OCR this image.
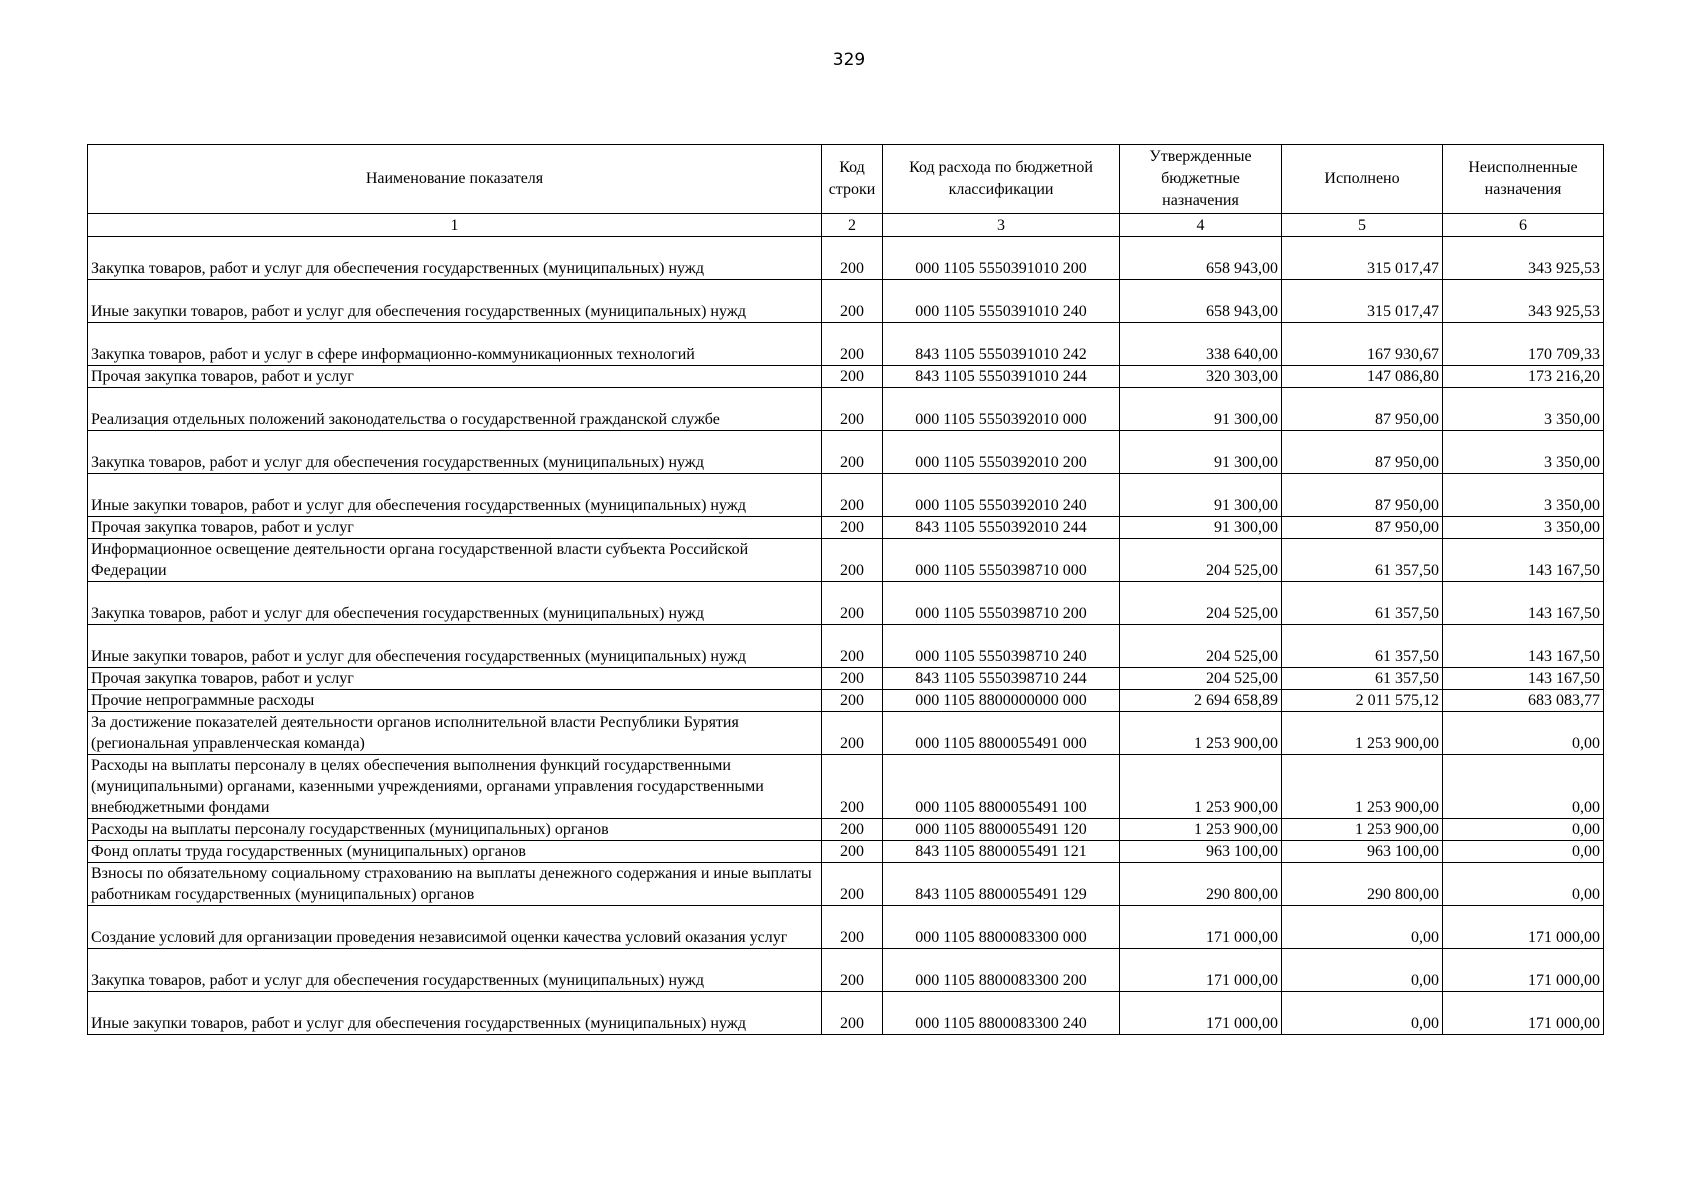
329
Наименование показателя	Код строки	Код расхода по бюджетной классификации	Утвержденные бюджетные назначения	Исполнено	Неисполненные назначения
1	2	3	4	5	6
Закупка товаров, работ и услуг для обеспечения государственных (муниципальных) нужд	200	000 1105 5550391010 200	658 943,00	315 017,47	343 925,53
Иные закупки товаров, работ и услуг для обеспечения государственных (муниципальных) нужд	200	000 1105 5550391010 240	658 943,00	315 017,47	343 925,53
Закупка товаров, работ и услуг в сфере информационно-коммуникационных технологий	200	843 1105 5550391010 242	338 640,00	167 930,67	170 709,33
Прочая закупка товаров, работ и услуг	200	843 1105 5550391010 244	320 303,00	147 086,80	173 216,20
Реализация отдельных положений законодательства о государственной гражданской службе	200	000 1105 5550392010 000	91 300,00	87 950,00	3 350,00
Закупка товаров, работ и услуг для обеспечения государственных (муниципальных) нужд	200	000 1105 5550392010 200	91 300,00	87 950,00	3 350,00
Иные закупки товаров, работ и услуг для обеспечения государственных (муниципальных) нужд	200	000 1105 5550392010 240	91 300,00	87 950,00	3 350,00
Прочая закупка товаров, работ и услуг	200	843 1105 5550392010 244	91 300,00	87 950,00	3 350,00
Информационное освещение деятельности органа государственной власти субъекта Российской Федерации	200	000 1105 5550398710 000	204 525,00	61 357,50	143 167,50
Закупка товаров, работ и услуг для обеспечения государственных (муниципальных) нужд	200	000 1105 5550398710 200	204 525,00	61 357,50	143 167,50
Иные закупки товаров, работ и услуг для обеспечения государственных (муниципальных) нужд	200	000 1105 5550398710 240	204 525,00	61 357,50	143 167,50
Прочая закупка товаров, работ и услуг	200	843 1105 5550398710 244	204 525,00	61 357,50	143 167,50
Прочие непрограммные расходы	200	000 1105 8800000000 000	2 694 658,89	2 011 575,12	683 083,77
За достижение показателей деятельности органов исполнительной власти Республики Бурятия (региональная управленческая команда)	200	000 1105 8800055491 000	1 253 900,00	1 253 900,00	0,00
Расходы на выплаты персоналу в целях обеспечения выполнения функций государственными (муниципальными) органами, казенными учреждениями, органами управления государственными внебюджетными фондами	200	000 1105 8800055491 100	1 253 900,00	1 253 900,00	0,00
Расходы на выплаты персоналу государственных (муниципальных) органов	200	000 1105 8800055491 120	1 253 900,00	1 253 900,00	0,00
Фонд оплаты труда государственных (муниципальных) органов	200	843 1105 8800055491 121	963 100,00	963 100,00	0,00
Взносы по обязательному социальному страхованию на выплаты денежного содержания и иные выплаты работникам государственных (муниципальных) органов	200	843 1105 8800055491 129	290 800,00	290 800,00	0,00
Создание условий для организации проведения независимой оценки качества условий оказания услуг	200	000 1105 8800083300 000	171 000,00	0,00	171 000,00
Закупка товаров, работ и услуг для обеспечения государственных (муниципальных) нужд	200	000 1105 8800083300 200	171 000,00	0,00	171 000,00
Иные закупки товаров, работ и услуг для обеспечения государственных (муниципальных) нужд	200	000 1105 8800083300 240	171 000,00	0,00	171 000,00
